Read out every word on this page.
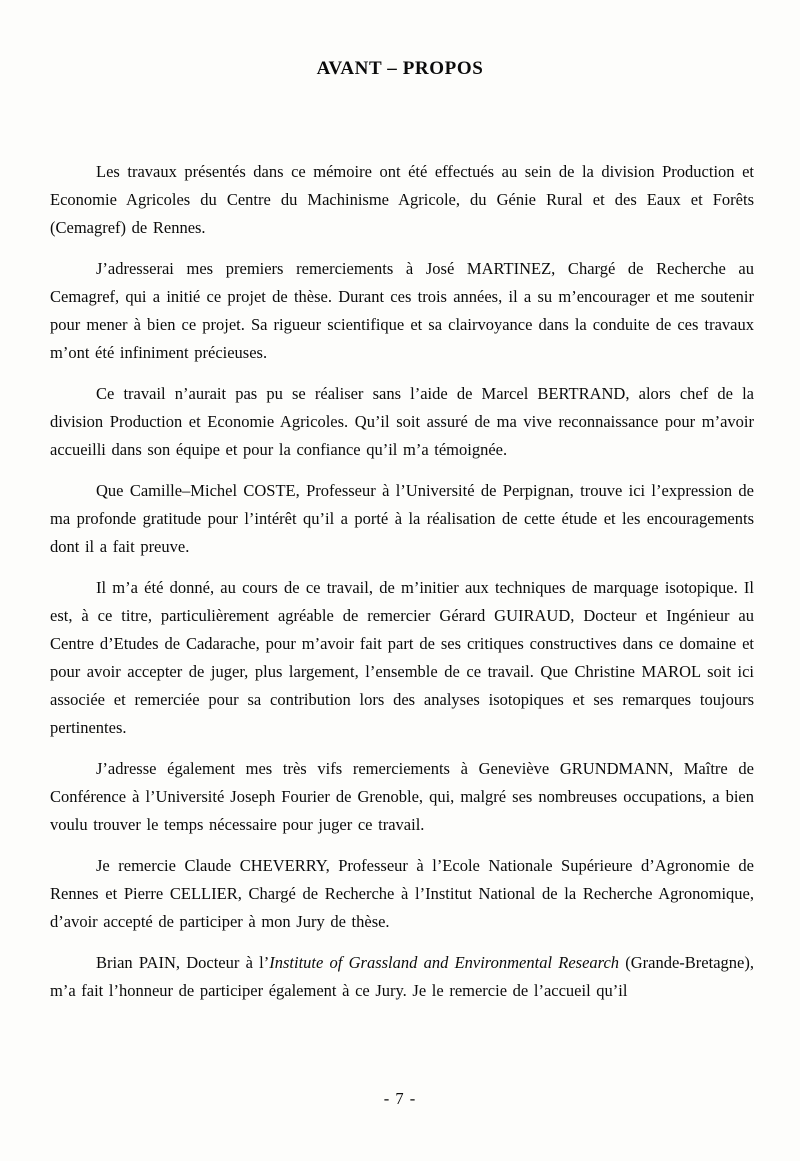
AVANT – PROPOS

Les travaux présentés dans ce mémoire ont été effectués au sein de la division Production et Economie Agricoles du Centre du Machinisme Agricole, du Génie Rural et des Eaux et Forêts (Cemagref) de Rennes.

J’adresserai mes premiers remerciements à José MARTINEZ, Chargé de Recherche au Cemagref, qui a initié ce projet de thèse. Durant ces trois années, il a su m’encourager et me soutenir pour mener à bien ce projet. Sa rigueur scientifique et sa clairvoyance dans la conduite de ces travaux m’ont été infiniment précieuses.

Ce travail n’aurait pas pu se réaliser sans l’aide de Marcel BERTRAND, alors chef de la division Production et Economie Agricoles. Qu’il soit assuré de ma vive reconnaissance pour m’avoir accueilli dans son équipe et pour la confiance qu’il m’a témoignée.

Que Camille–Michel COSTE, Professeur à l’Université de Perpignan, trouve ici l’expression de ma profonde gratitude pour l’intérêt qu’il a porté à la réalisation de cette étude et les encouragements dont il a fait preuve.

Il m’a été donné, au cours de ce travail, de m’initier aux techniques de marquage isotopique. Il est, à ce titre, particulièrement agréable de remercier Gérard GUIRAUD, Docteur et Ingénieur au Centre d’Etudes de Cadarache, pour m’avoir fait part de ses critiques constructives dans ce domaine et pour avoir accepter de juger, plus largement, l’ensemble de ce travail. Que Christine MAROL soit ici associée et remerciée pour sa contribution lors des analyses isotopiques et ses remarques toujours pertinentes.

J’adresse également mes très vifs remerciements à Geneviève GRUNDMANN, Maître de Conférence à l’Université Joseph Fourier de Grenoble, qui, malgré ses nombreuses occupations, a bien voulu trouver le temps nécessaire pour juger ce travail.

Je remercie Claude CHEVERRY, Professeur à l’Ecole Nationale Supérieure d’Agronomie de Rennes et Pierre CELLIER, Chargé de Recherche à l’Institut National de la Recherche Agronomique, d’avoir accepté de participer à mon Jury de thèse.

Brian PAIN, Docteur à l’Institute of Grassland and Environmental Research (Grande-Bretagne), m’a fait l’honneur de participer également à ce Jury. Je le remercie de l’accueil qu’il

- 7 -
